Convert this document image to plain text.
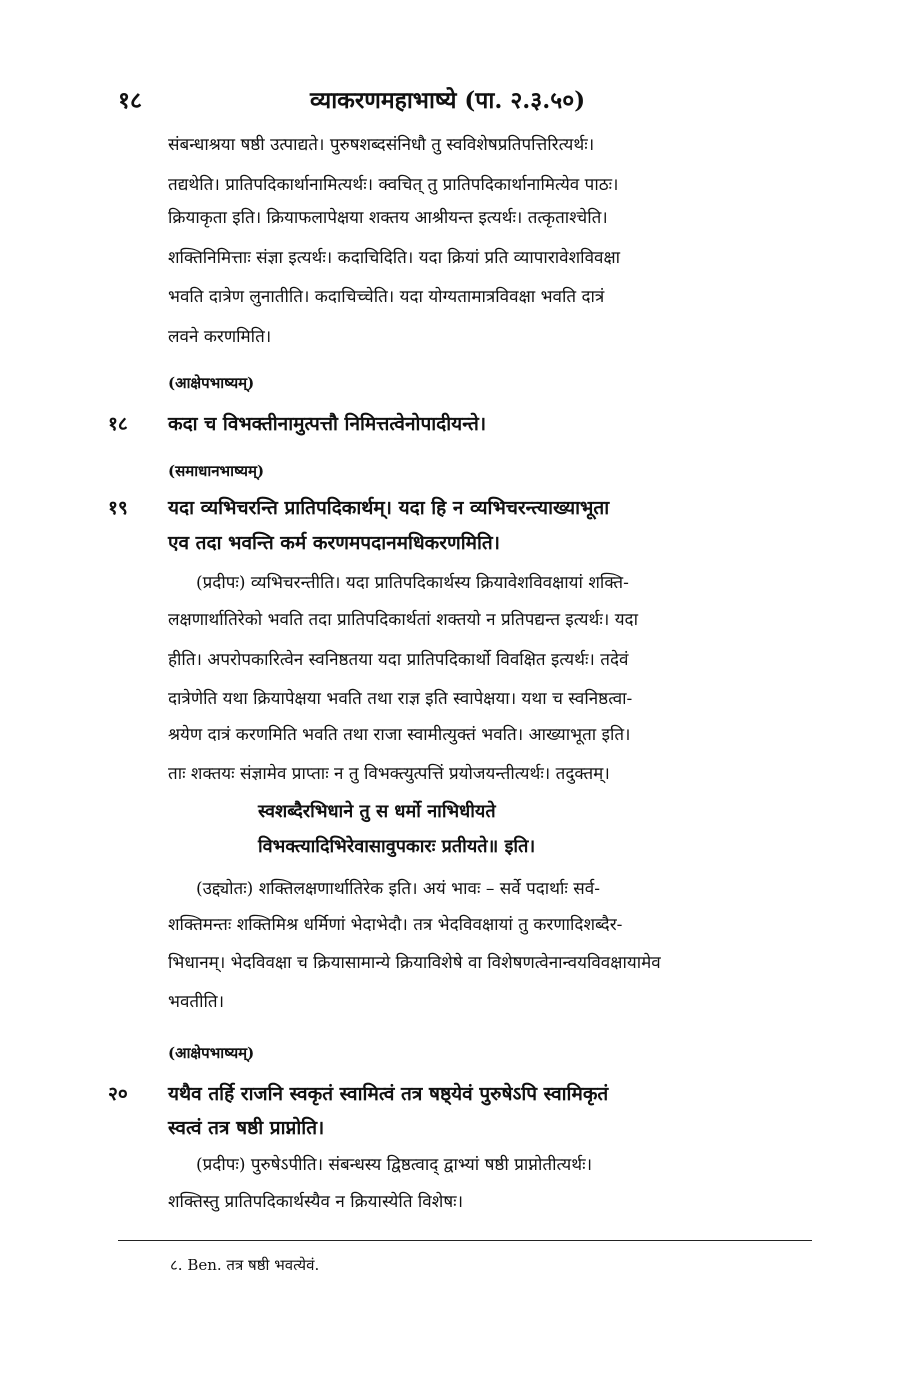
१८	व्याकरणमहाभाष्ये (पा. २.३.५०)
संबन्धाश्रया षष्ठी उत्पाद्यते। पुरुषशब्दसंनिधौ तु स्वविशेषप्रतिपत्तिरित्यर्थः।
तद्यथेति। प्रातिपदिकार्थानामित्यर्थः। क्वचित् तु प्रातिपदिकार्थानामित्येव पाठः।
क्रियाकृता इति। क्रियाफलापेक्षया शक्तय आश्रीयन्त इत्यर्थः। तत्कृताश्चेति।
शक्तिनिमित्ताः संज्ञा इत्यर्थः। कदाचिदिति। यदा क्रियां प्रति व्यापारावेशविवक्षा
भवति दात्रेण लुनातीति। कदाचिच्चेति। यदा योग्यतामात्रविवक्षा भवति दात्रं
लवने करणमिति।
(आक्षेपभाष्यम्)
१८ कदा च विभक्तीनामुत्पत्तौ निमित्तत्वेनोपादीयन्ते।
(समाधानभाष्यम्)
१९ यदा व्यभिचरन्ति प्रातिपदिकार्थम्। यदा हि न व्यभिचरन्त्याख्याभूता
एव तदा भवन्ति कर्म करणमपदानमधिकरणमिति।
(प्रदीपः) व्यभिचरन्तीति। यदा प्रातिपदिकार्थस्य क्रियावेशविवक्षायां शक्ति-
लक्षणार्थातिरेको भवति तदा प्रातिपदिकार्थतां शक्तयो न प्रतिपद्यन्त इत्यर्थः। यदा
हीति। अपरोपकारित्वेन स्वनिष्ठतया यदा प्रातिपदिकार्थो विवक्षित इत्यर्थः। तदेवं
दात्रेणेति यथा क्रियापेक्षया भवति तथा राज्ञ इति स्वापेक्षया। यथा च स्वनिष्ठत्वा-
श्रयेण दात्रं करणमिति भवति तथा राजा स्वामीत्युक्तं भवति। आख्याभूता इति।
ताः शक्तयः संज्ञामेव प्राप्ताः न तु विभक्त्युत्पत्तिं प्रयोजयन्तीत्यर्थः। तदुक्तम्।
स्वशब्दैरभिधाने तु स धर्मो नाभिधीयते
विभक्त्यादिभिरेवासावुपकारः प्रतीयते॥ इति।
(उद्द्योतः) शक्तिलक्षणार्थातिरेक इति। अयं भावः – सर्वे पदार्थाः सर्व-
शक्तिमन्तः शक्तिमिश्र धर्मिणां भेदाभेदौ। तत्र भेदविवक्षायां तु करणादिशब्दैर-
भिधानम्। भेदविवक्षा च क्रियासामान्ये क्रियाविशेषे वा विशेषणत्वेनान्वयविवक्षायामेव
भवतीति।
(आक्षेपभाष्यम्)
२० यथैव तर्हि राजनि स्वकृतं स्वामित्वं तत्र षष्ठ्येवं पुरुषेऽपि स्वामिकृतं
स्वत्वं तत्र षष्ठी प्राप्नोति।
(प्रदीपः) पुरुषेऽपीति। संबन्धस्य द्विष्ठत्वाद् द्वाभ्यां षष्ठी प्राप्नोतीत्यर्थः।
शक्तिस्तु प्रातिपदिकार्थस्यैव न क्रियास्येति विशेषः।
८. Ben. तत्र षष्ठी भवत्येवं.
